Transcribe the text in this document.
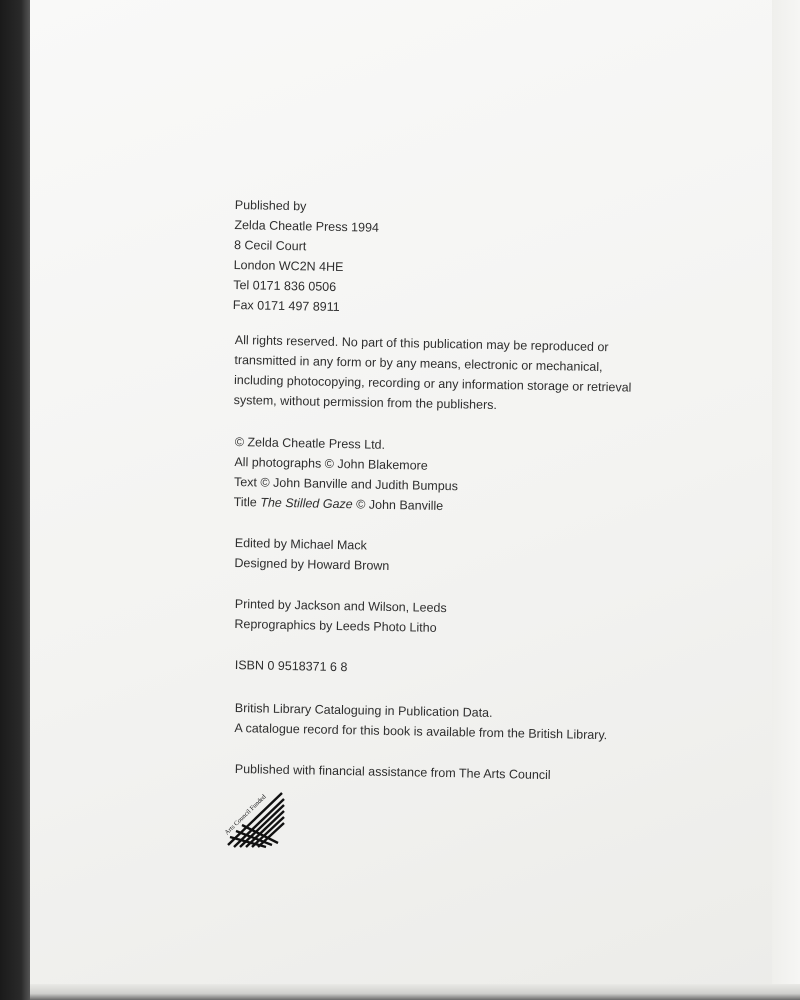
Published by
Zelda Cheatle Press 1994
8 Cecil Court
London WC2N 4HE
Tel 0171 836 0506
Fax 0171 497 8911
All rights reserved. No part of this publication may be reproduced or
transmitted in any form or by any means, electronic or mechanical,
including photocopying, recording or any information storage or retrieval
system, without permission from the publishers.
© Zelda Cheatle Press Ltd.
All photographs © John Blakemore
Text © John Banville and Judith Bumpus
Title The Stilled Gaze © John Banville
Edited by Michael Mack
Designed by Howard Brown
Printed by Jackson and Wilson, Leeds
Reprographics by Leeds Photo Litho
ISBN 0 9518371 6 8
British Library Cataloguing in Publication Data.
A catalogue record for this book is available from the British Library.
Published with financial assistance from The Arts Council
Arts Council Funded
